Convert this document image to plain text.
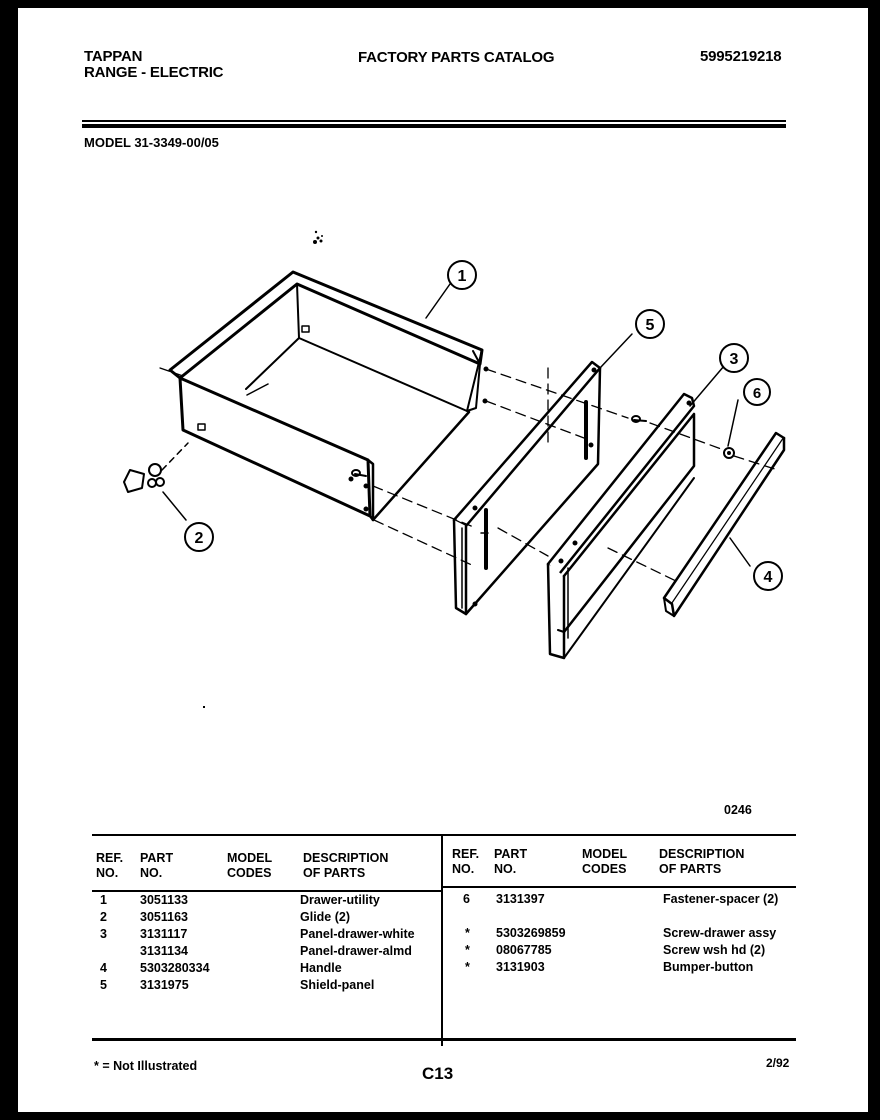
TAPPAN
RANGE - ELECTRIC
FACTORY PARTS CATALOG	5995219218
MODEL 31-3349-00/05
1
2
3
4
5
6
0246
REF.
NO.
PART
NO.
MODEL
CODES
DESCRIPTION
OF PARTS
REF.
NO.
PART
NO.
MODEL
CODES
DESCRIPTION
OF PARTS
1	3051133	Drawer-utility
2	3051163	Glide (2)
3	3131117	Panel-drawer-white
3131134	Panel-drawer-almd
4	5303280334	Handle
5	3131975	Shield-panel
6 3131397	Fastener-spacer (2)
* 5303269859	Screw-drawer assy
* 08067785	Screw wsh hd (2)
* 3131903	Bumper-button
* = Not Illustrated	C13
2/92
